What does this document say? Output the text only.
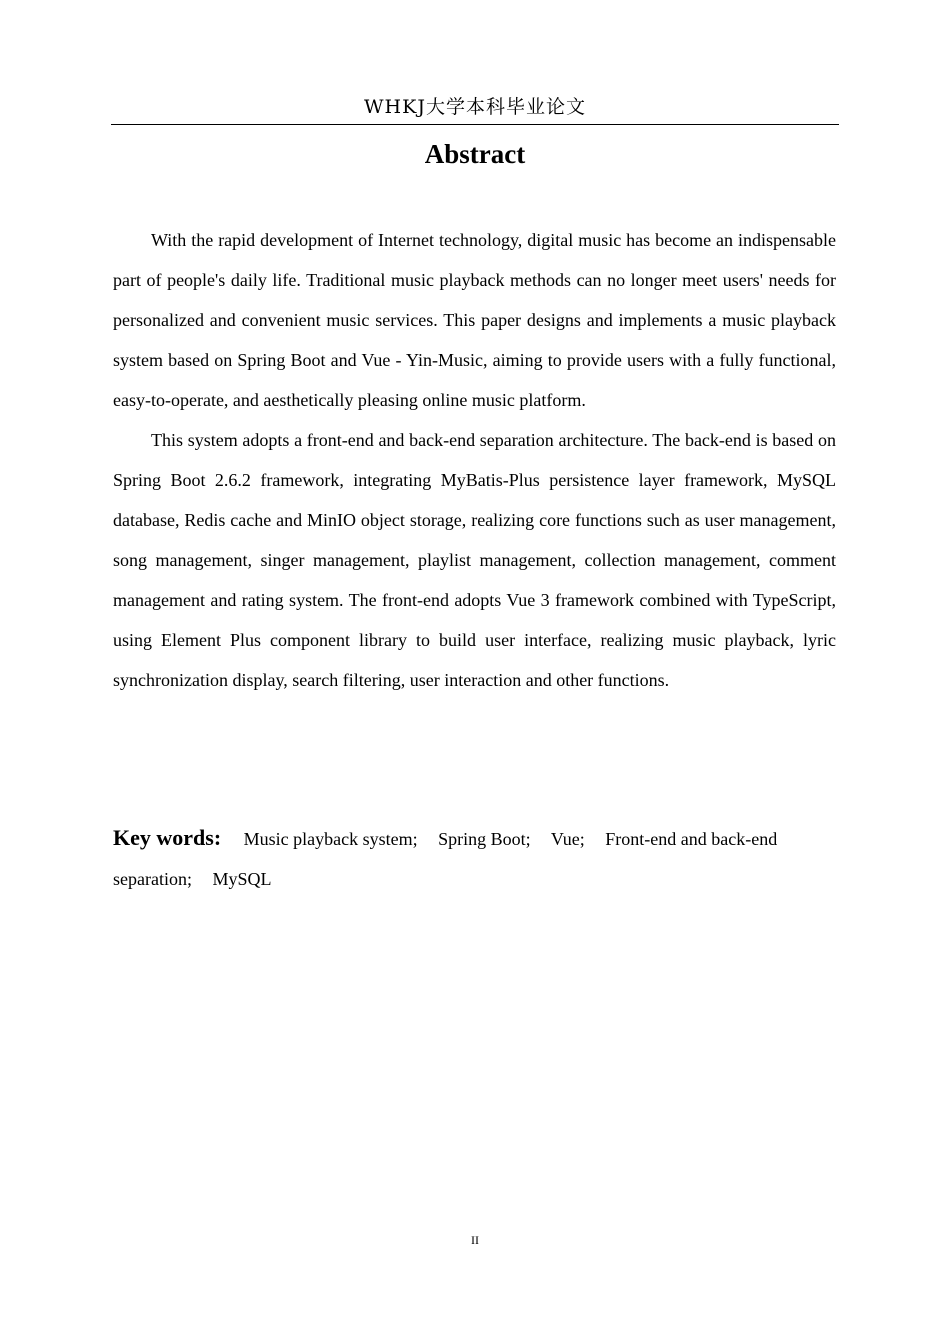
WHKJ大学本科毕业论文
Abstract

With the rapid development of Internet technology, digital music has become an indispensable part of people's daily life. Traditional music playback methods can no longer meet users' needs for personalized and convenient music services. This paper designs and implements a music playback system based on Spring Boot and Vue - Yin-Music, aiming to provide users with a fully functional, easy-to-operate, and aesthetically pleasing online music platform.

This system adopts a front-end and back-end separation architecture. The back-end is based on Spring Boot 2.6.2 framework, integrating MyBatis-Plus persistence layer framework, MySQL database, Redis cache and MinIO object storage, realizing core functions such as user management, song management, singer management, playlist management, collection management, comment management and rating system. The front-end adopts Vue 3 framework combined with TypeScript, using Element Plus component library to build user interface, realizing music playback, lyric synchronization display, search filtering, user interaction and other functions.

Key words: Music playback system; Spring Boot; Vue; Front-end and back-end separation; MySQL
II
